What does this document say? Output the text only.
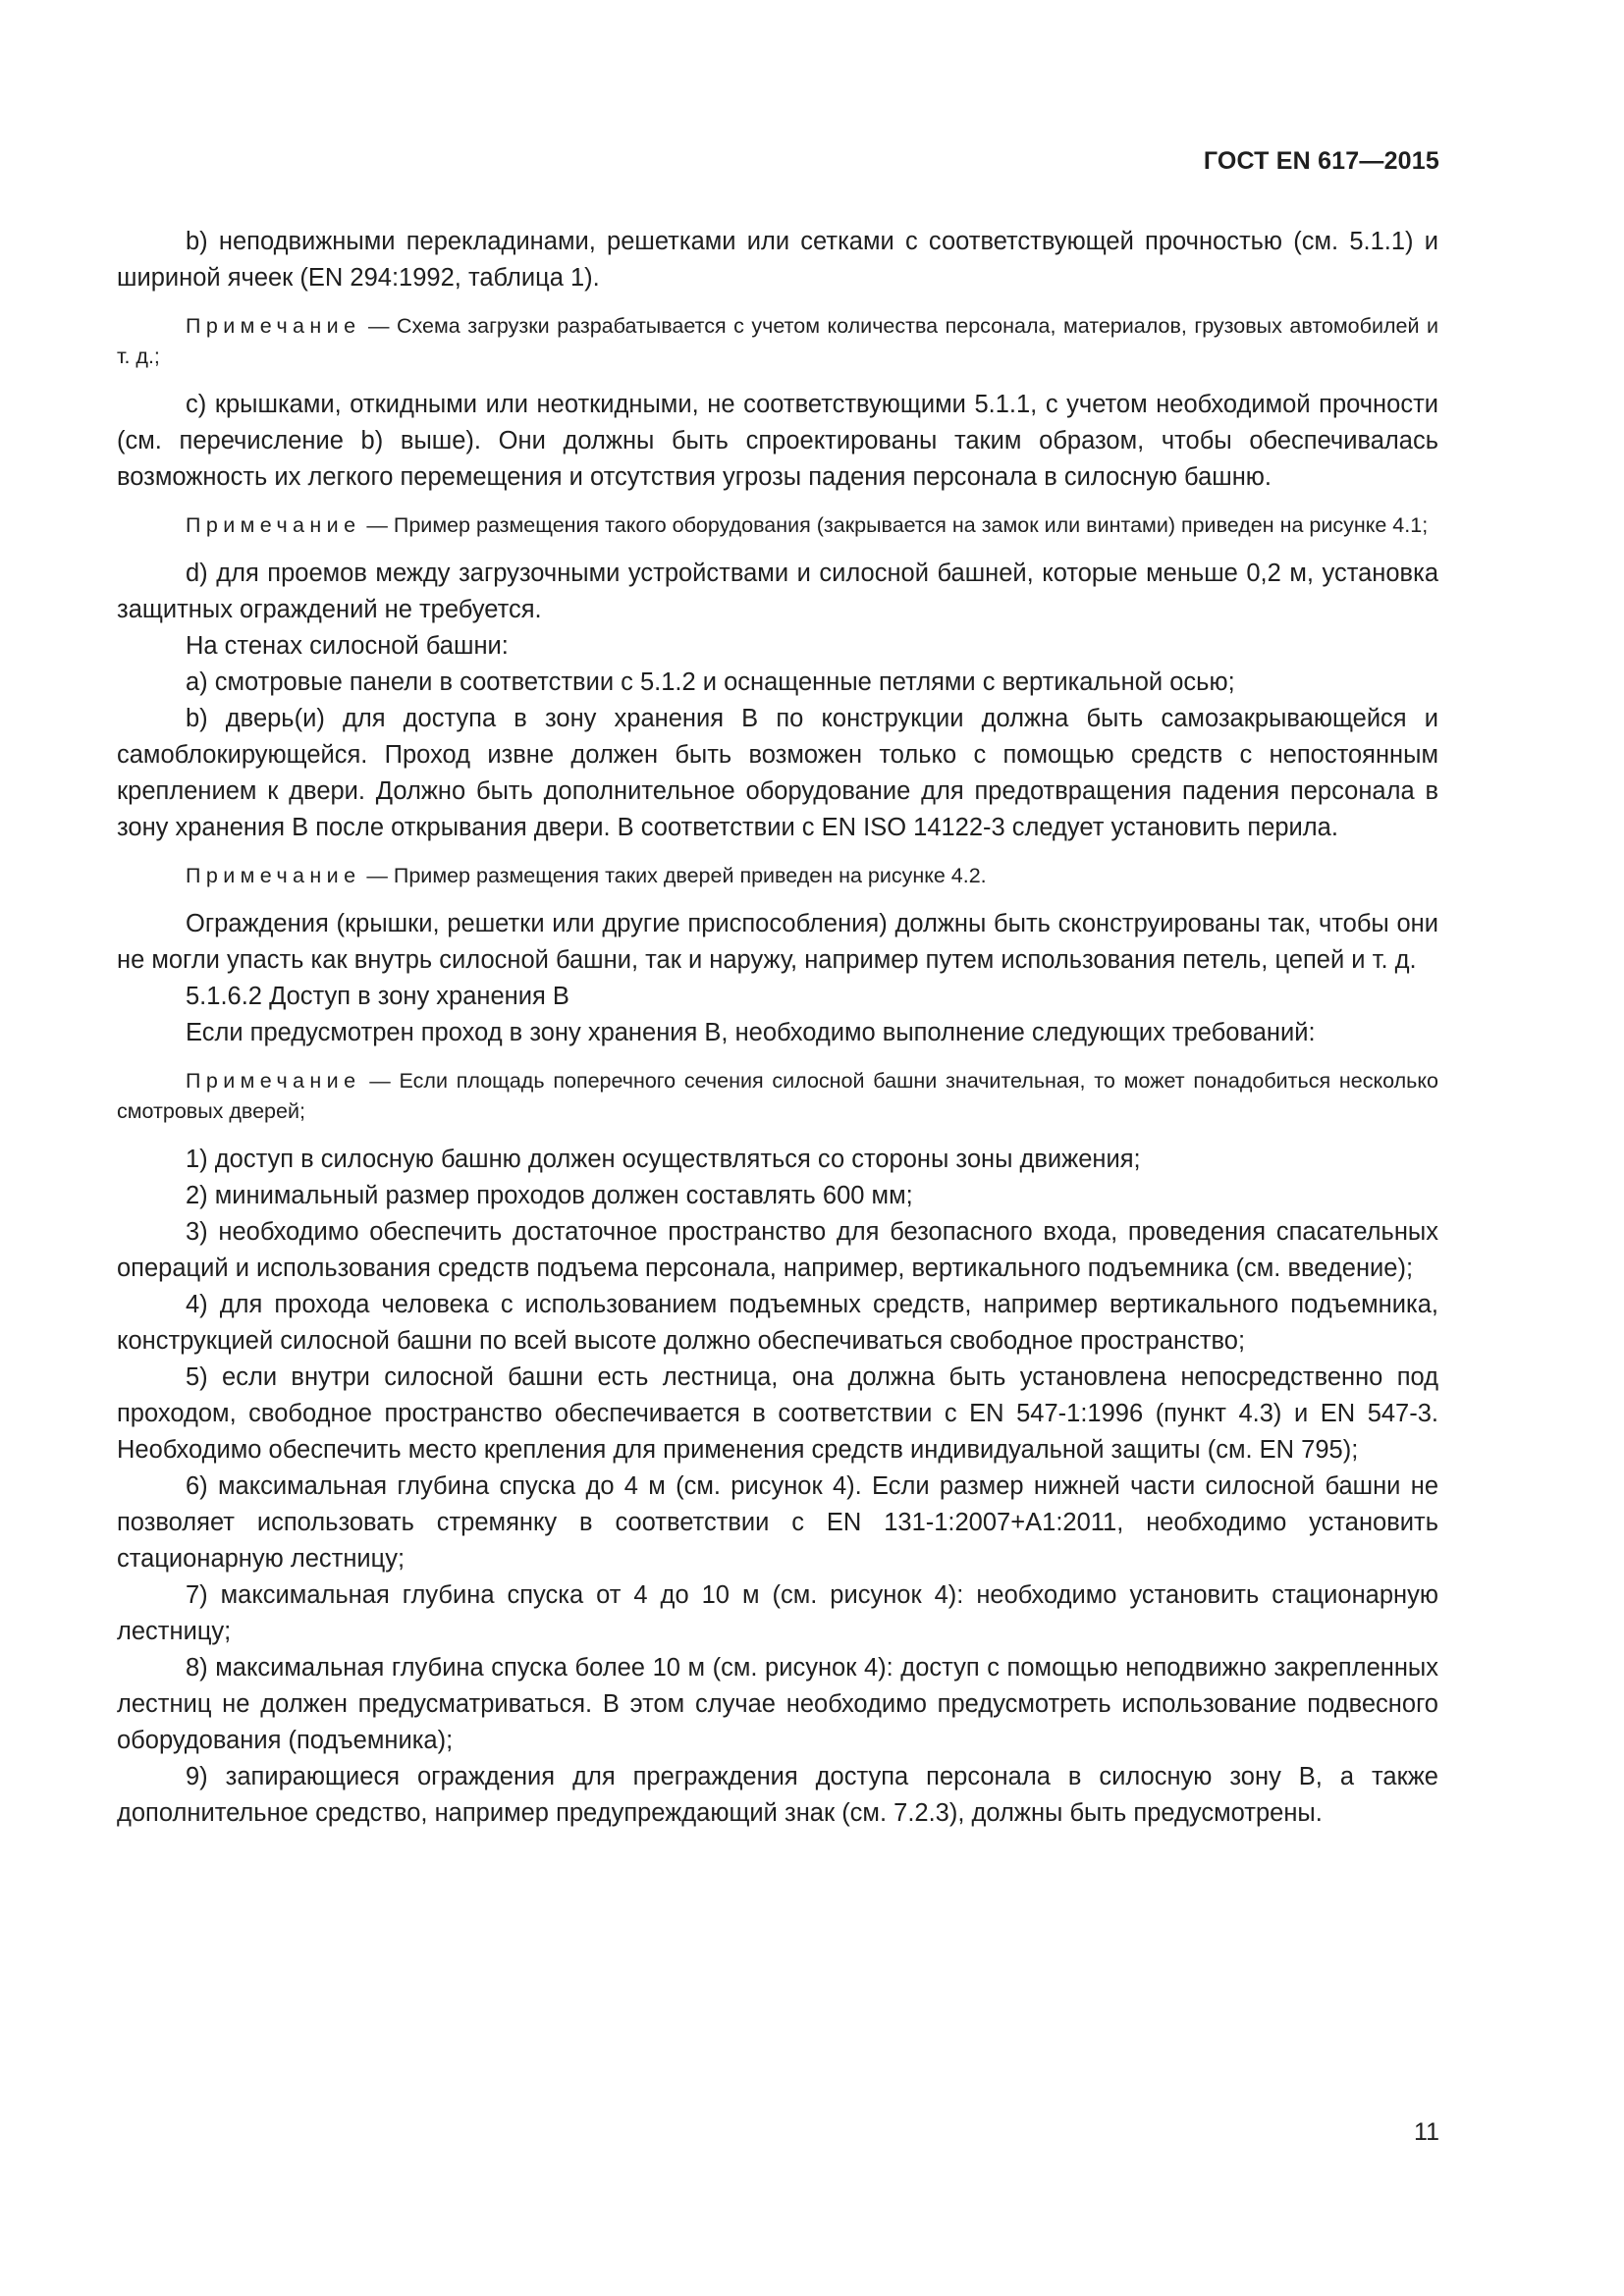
ГОСТ EN 617—2015

b) неподвижными перекладинами, решетками или сетками с соответствующей прочностью (см. 5.1.1) и шириной ячеек (EN 294:1992, таблица 1).

Примечание — Схема загрузки разрабатывается с учетом количества персонала, материалов, грузовых автомобилей и т. д.;

с) крышками, откидными или неоткидными, не соответствующими 5.1.1, с учетом необходимой прочности (см. перечисление b) выше). Они должны быть спроектированы таким образом, чтобы обеспечивалась возможность их легкого перемещения и отсутствия угрозы падения персонала в силосную башню.

Примечание — Пример размещения такого оборудования (закрывается на замок или винтами) приведен на рисунке 4.1;

d) для проемов между загрузочными устройствами и силосной башней, которые меньше 0,2 м, установка защитных ограждений не требуется.

На стенах силосной башни:

а) смотровые панели в соответствии с 5.1.2 и оснащенные петлями с вертикальной осью;

b) дверь(и) для доступа в зону хранения В по конструкции должна быть самозакрывающейся и самоблокирующейся. Проход извне должен быть возможен только с помощью средств с непостоянным креплением к двери. Должно быть дополнительное оборудование для предотвращения падения персонала в зону хранения В после открывания двери. В соответствии с EN ISO 14122-3 следует установить перила.

Примечание — Пример размещения таких дверей приведен на рисунке 4.2.

Ограждения (крышки, решетки или другие приспособления) должны быть сконструированы так, чтобы они не могли упасть как внутрь силосной башни, так и наружу, например путем использования петель, цепей и т. д.

5.1.6.2 Доступ в зону хранения В

Если предусмотрен проход в зону хранения В, необходимо выполнение следующих требований:

Примечание — Если площадь поперечного сечения силосной башни значительная, то может понадобиться несколько смотровых дверей;

1) доступ в силосную башню должен осуществляться со стороны зоны движения;

2) минимальный размер проходов должен составлять 600 мм;

3) необходимо обеспечить достаточное пространство для безопасного входа, проведения спасательных операций и использования средств подъема персонала, например, вертикального подъемника (см. введение);

4) для прохода человека с использованием подъемных средств, например вертикального подъемника, конструкцией силосной башни по всей высоте должно обеспечиваться свободное пространство;

5) если внутри силосной башни есть лестница, она должна быть установлена непосредственно под проходом, свободное пространство обеспечивается в соответствии с EN 547-1:1996 (пункт 4.3) и EN 547-3. Необходимо обеспечить место крепления для применения средств индивидуальной защиты (см. EN 795);

6) максимальная глубина спуска до 4 м (см. рисунок 4). Если размер нижней части силосной башни не позволяет использовать стремянку в соответствии с EN 131-1:2007+А1:2011, необходимо установить стационарную лестницу;

7) максимальная глубина спуска от 4 до 10 м (см. рисунок 4): необходимо установить стационарную лестницу;

8) максимальная глубина спуска более 10 м (см. рисунок 4): доступ с помощью неподвижно закрепленных лестниц не должен предусматриваться. В этом случае необходимо предусмотреть использование подвесного оборудования (подъемника);

9) запирающиеся ограждения для преграждения доступа персонала в силосную зону В, а также дополнительное средство, например предупреждающий знак (см. 7.2.3), должны быть предусмотрены.

11
